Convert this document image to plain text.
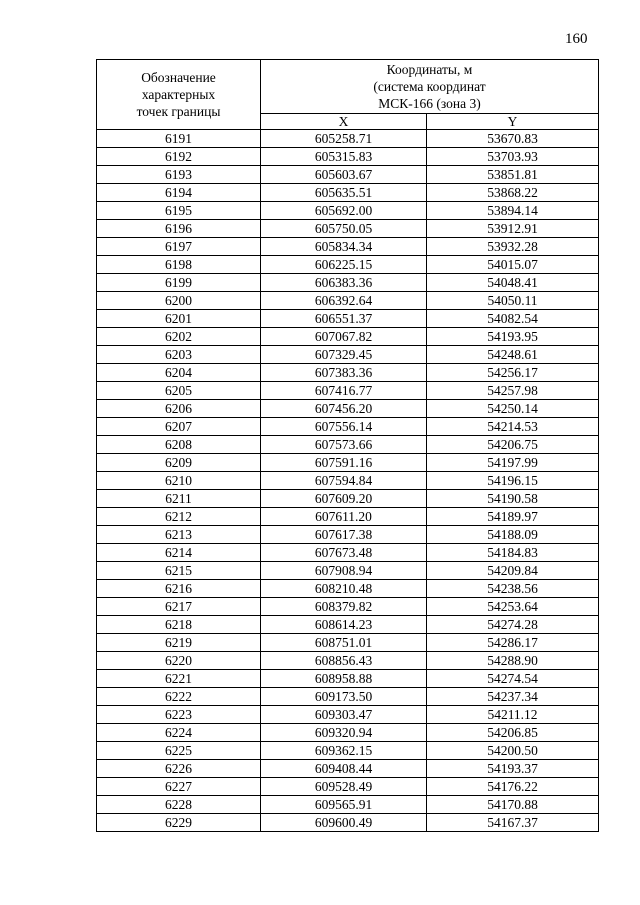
160
Обозначение
характерных
точек границы	Координаты, м
(система координат
МСК-166 (зона 3)	

	X	Y
6191	605258.71	53670.83
6192	605315.83	53703.93
6193	605603.67	53851.81
6194	605635.51	53868.22
6195	605692.00	53894.14
6196	605750.05	53912.91
6197	605834.34	53932.28
6198	606225.15	54015.07
6199	606383.36	54048.41
6200	606392.64	54050.11
6201	606551.37	54082.54
6202	607067.82	54193.95
6203	607329.45	54248.61
6204	607383.36	54256.17
6205	607416.77	54257.98
6206	607456.20	54250.14
6207	607556.14	54214.53
6208	607573.66	54206.75
6209	607591.16	54197.99
6210	607594.84	54196.15
6211	607609.20	54190.58
6212	607611.20	54189.97
6213	607617.38	54188.09
6214	607673.48	54184.83
6215	607908.94	54209.84
6216	608210.48	54238.56
6217	608379.82	54253.64
6218	608614.23	54274.28
6219	608751.01	54286.17
6220	608856.43	54288.90
6221	608958.88	54274.54
6222	609173.50	54237.34
6223	609303.47	54211.12
6224	609320.94	54206.85
6225	609362.15	54200.50
6226	609408.44	54193.37
6227	609528.49	54176.22
6228	609565.91	54170.88
6229	609600.49	54167.37
